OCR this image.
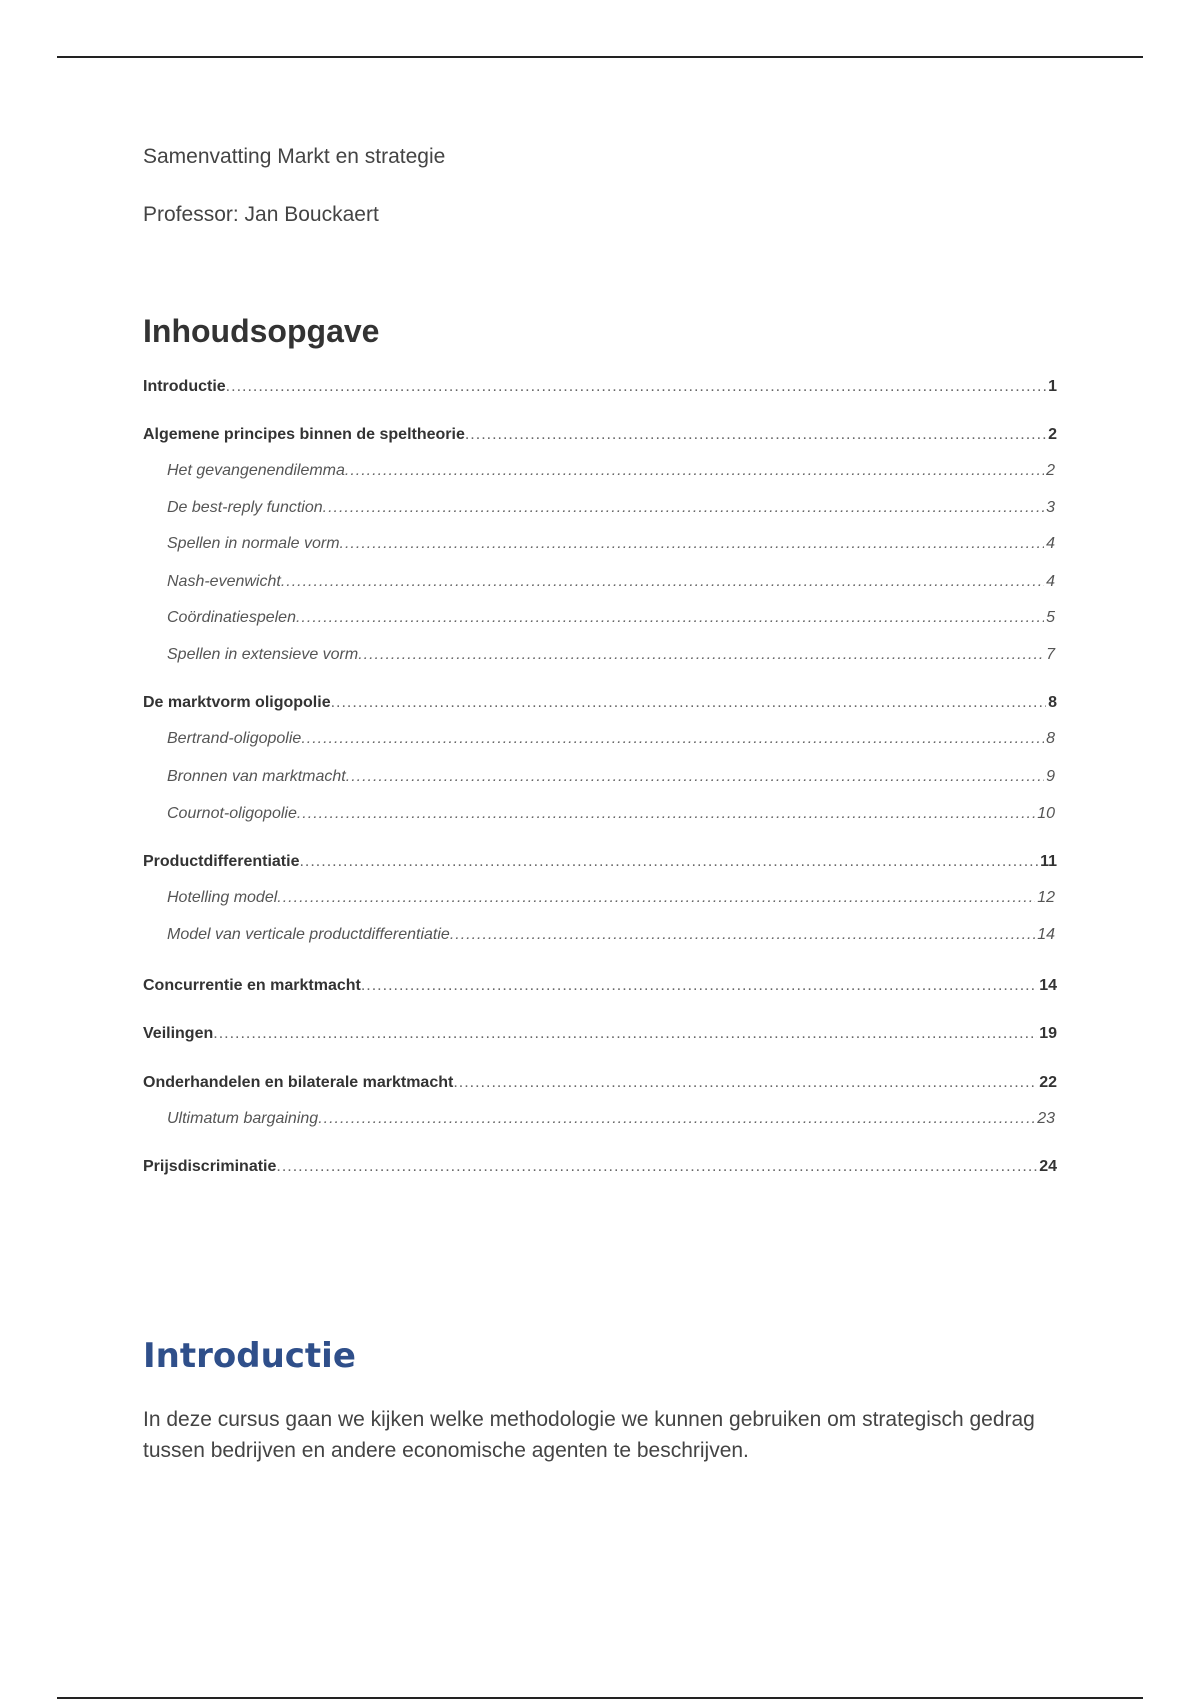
Samenvatting Markt en strategie
Professor: Jan Bouckaert
Inhoudsopgave
Introductie .....	1
Algemene principes binnen de speltheorie .....	2
Het gevangenendilemma .....	2
De best-reply function .....	3
Spellen in normale vorm .....	4
Nash-evenwicht .....	4
Coördinatiespelen .....	5
Spellen in extensieve vorm .....	7
De marktvorm oligopolie .....	8
Bertrand-oligopolie .....	8
Bronnen van marktmacht .....	9
Cournot-oligopolie .....	10
Productdifferentiatie .....	11
Hotelling model .....	12
Model van verticale productdifferentiatie .....	14
Concurrentie en marktmacht .....	14
Veilingen .....	19
Onderhandelen en bilaterale marktmacht .....	22
Ultimatum bargaining .....	23
Prijsdiscriminatie .....	24
Introductie

In deze cursus gaan we kijken welke methodologie we kunnen gebruiken om strategisch gedrag tussen bedrijven en andere economische agenten te beschrijven.
